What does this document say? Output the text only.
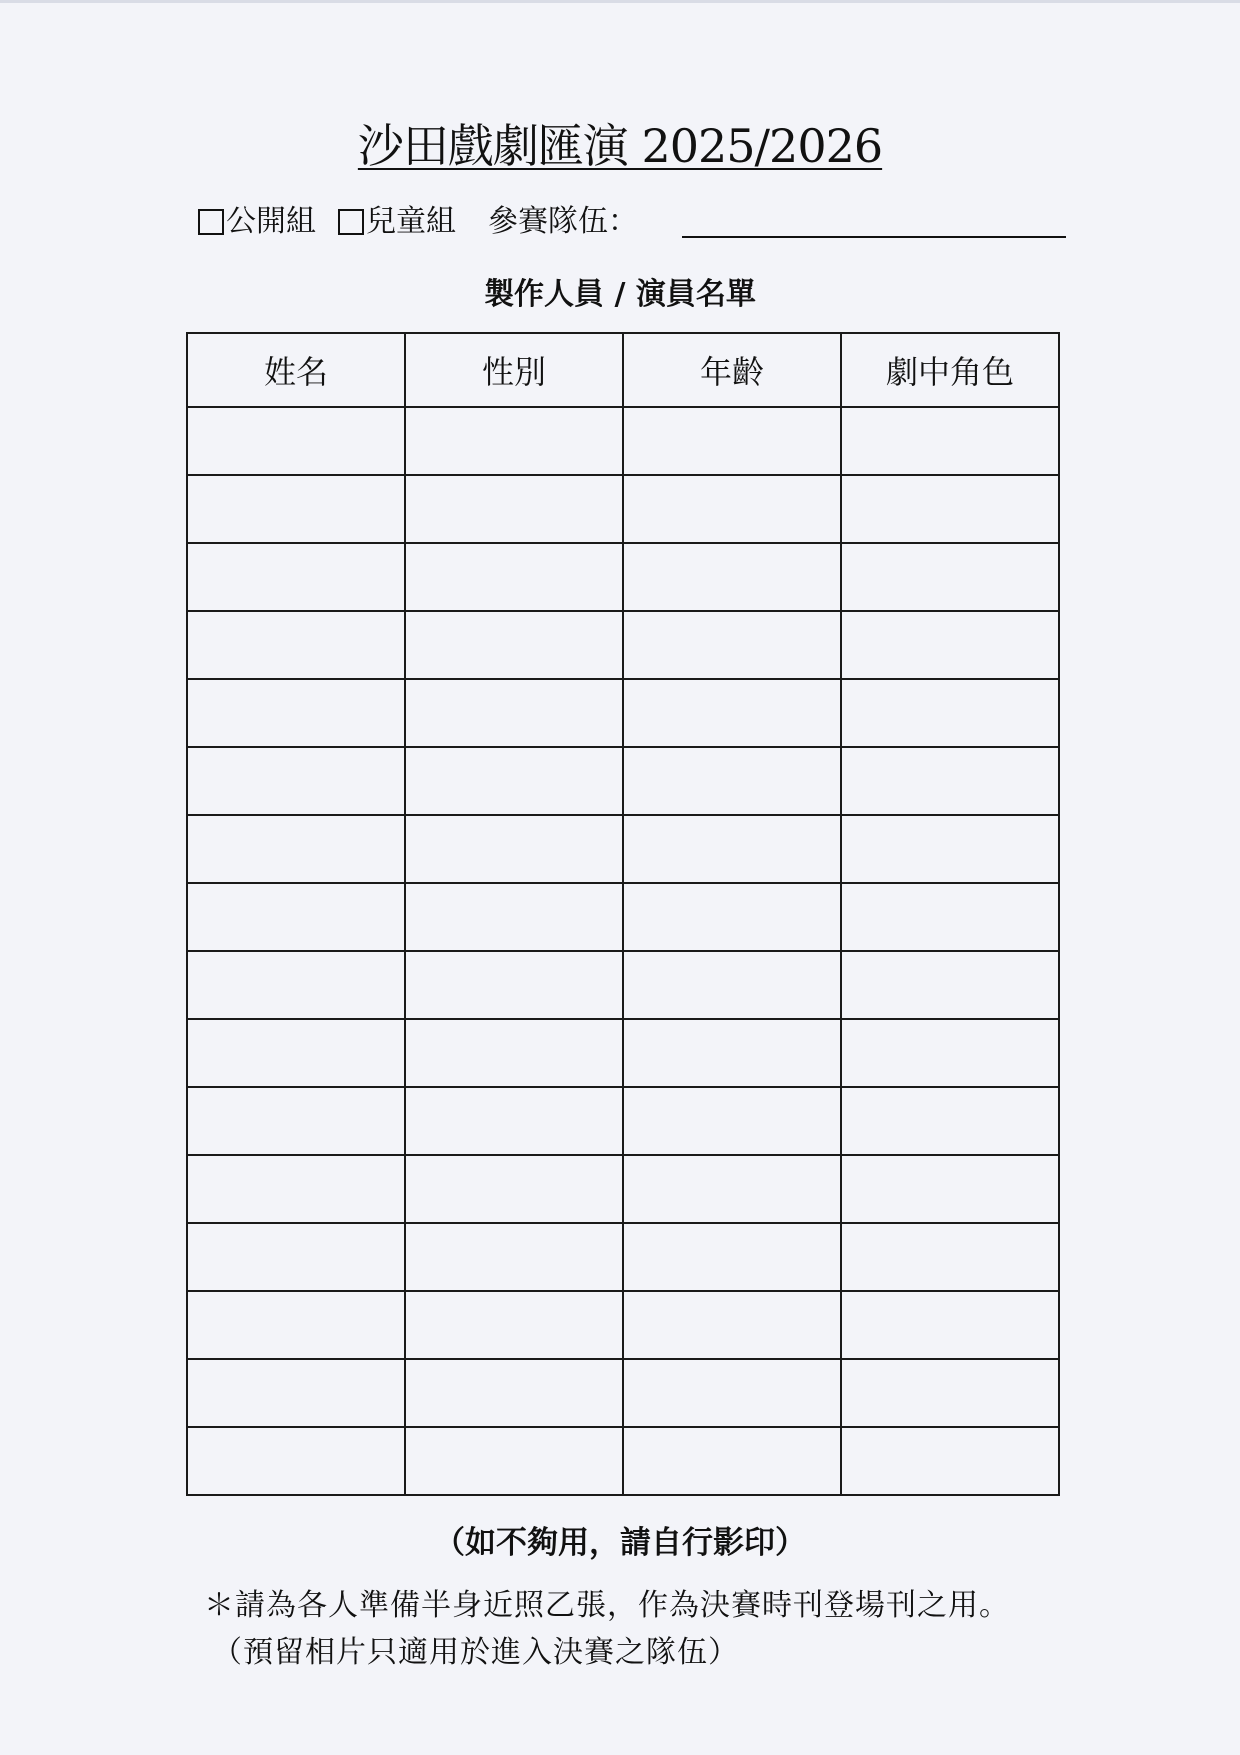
沙田戲劇匯演 2025/2026
公開組 兒童組 參賽隊伍：
製作人員 / 演員名單
姓名	性別	年齡	劇中角色

（如不夠用，請自行影印）
＊請為各人準備半身近照乙張，作為決賽時刊登場刊之用。
（預留相片只適用於進入決賽之隊伍）
